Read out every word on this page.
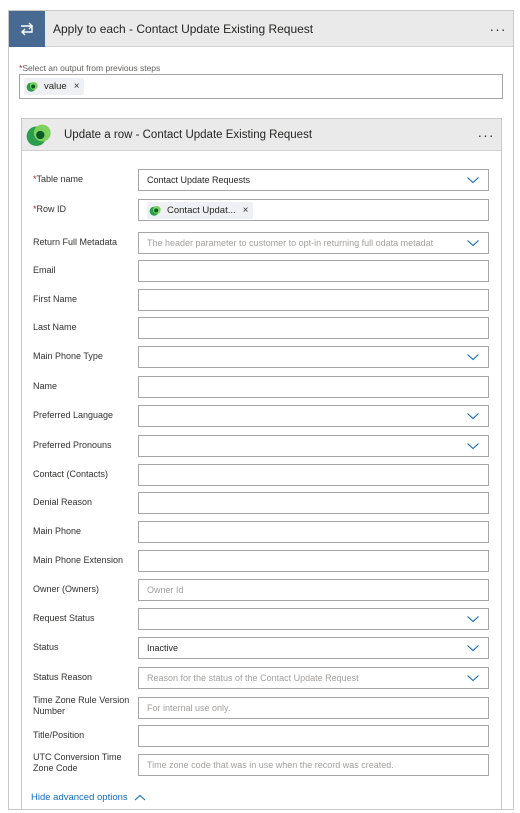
Apply to each - Contact Update Existing Request	···
*Select an output from previous steps
value ×
Update a row - Contact Update Existing Request	···
*Table name	Contact Update Requests
*Row ID	Contact Updat... ×
Return Full Metadata	The header parameter to customer to opt-in returning full odata metadat
Email
First Name
Last Name
Main Phone Type
Name
Preferred Language
Preferred Pronouns
Contact (Contacts)
Denial Reason
Main Phone
Main Phone Extension
Owner (Owners)	Owner Id
Request Status
Status	Inactive
Status Reason	Reason for the status of the Contact Update Request
Time Zone Rule Version Number	For internal use only.
Title/Position
UTC Conversion Time Zone Code	Time zone code that was in use when the record was created.
Hide advanced options
